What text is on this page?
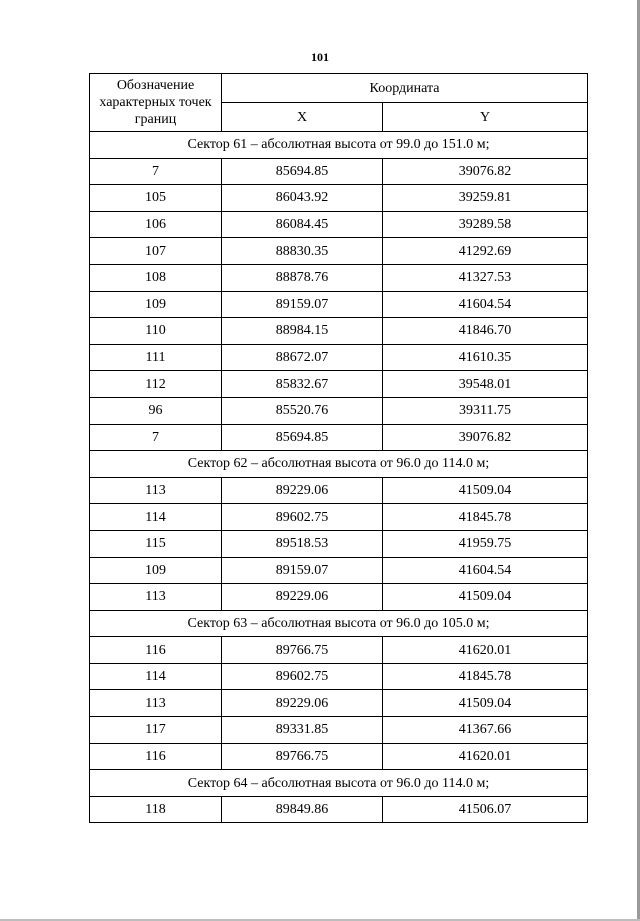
101
Обозначение характерных точек границ	Координата	
	X	Y
Сектор 61 – абсолютная высота от 99.0 до 151.0 м;		
7	85694.85	39076.82
105	86043.92	39259.81
106	86084.45	39289.58
107	88830.35	41292.69
108	88878.76	41327.53
109	89159.07	41604.54
110	88984.15	41846.70
111	88672.07	41610.35
112	85832.67	39548.01
96	85520.76	39311.75
7	85694.85	39076.82
Сектор 62 – абсолютная высота от 96.0 до 114.0 м;		
113	89229.06	41509.04
114	89602.75	41845.78
115	89518.53	41959.75
109	89159.07	41604.54
113	89229.06	41509.04
Сектор 63 – абсолютная высота от 96.0 до 105.0 м;		
116	89766.75	41620.01
114	89602.75	41845.78
113	89229.06	41509.04
117	89331.85	41367.66
116	89766.75	41620.01
Сектор 64 – абсолютная высота от 96.0 до 114.0 м;		
118	89849.86	41506.07
